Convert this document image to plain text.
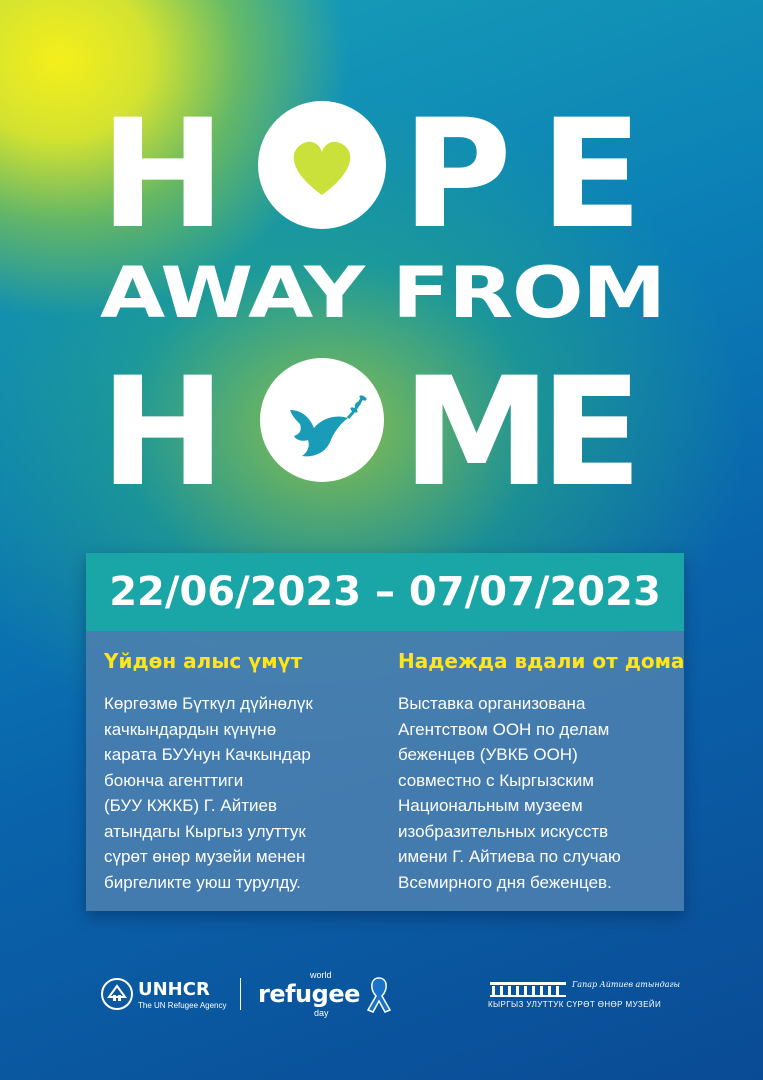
H P E
AWAY FROM
H M
E
22/06/2023 – 07/07/2023
Үйдөн алыс үмүт
Көргөзмө Бүткүл дүйнөлүк
качкындардын күнүнө
карата БУУнун Качкындар
боюнча агенттиги
(БУУ КЖКБ) Г. Айтиев
атындагы Кыргыз улуттук
сүрөт өнөр музейи менен
биргеликте уюш турулду.
Надежда вдали от дома
Выставка организована
Агентством ООН по делам
беженцев (УВКБ ООН)
совместно с Кыргызским
Национальным музеем
изобразительных искусств
имени Г. Айтиева по случаю
Всемирного дня беженцев.
UNHCR
The UN Refugee Agency
world
refugee
day
Гапар Айтиев атындагы
КЫРГЫЗ УЛУТТУК СҮРӨТ ӨНӨР МУЗЕЙИ
